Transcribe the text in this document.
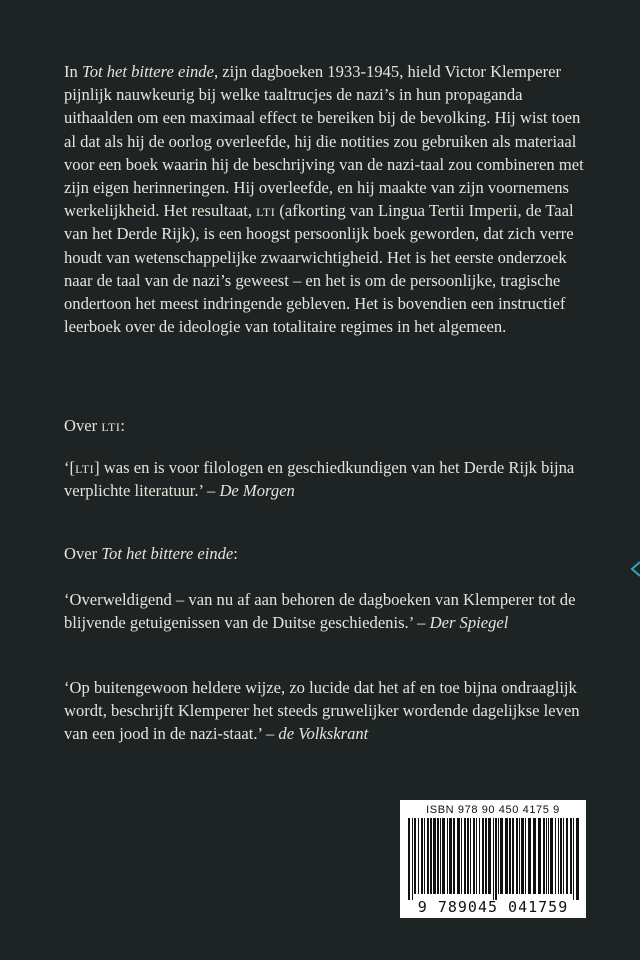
In Tot het bittere einde, zijn dagboeken 1933-1945, hield Victor Klemperer pijnlijk nauwkeurig bij welke taaltrucjes de nazi’s in hun propaganda uithaalden om een maximaal effect te bereiken bij de bevolking. Hij wist toen al dat als hij de oorlog overleefde, hij die notities zou gebruiken als materiaal voor een boek waarin hij de beschrijving van de nazi-taal zou combineren met zijn eigen herinneringen. Hij overleefde, en hij maakte van zijn voornemens werkelijkheid. Het resultaat, lti (afkorting van Lingua Tertii Imperii, de Taal van het Derde Rijk), is een hoogst persoonlijk boek geworden, dat zich verre houdt van wetenschappelijke zwaarwichtigheid. Het is het eerste onderzoek naar de taal van de nazi’s geweest – en het is om de persoonlijke, tragische ondertoon het meest indringende gebleven. Het is bovendien een instructief leerboek over de ideologie van totalitaire regimes in het algemeen.

Over lti:

‘[lti] was en is voor filologen en geschiedkundigen van het Derde Rijk bijna verplichte literatuur.’ – De Morgen

Over Tot het bittere einde:

‘Overweldigend – van nu af aan behoren de dagboeken van Klemperer tot de blijvende getuigenissen van de Duitse geschiedenis.’ – Der Spiegel

‘Op buitengewoon heldere wijze, zo lucide dat het af en toe bijna ondraaglijk wordt, beschrijft Klemperer het steeds gruwelijker wordende dagelijkse leven van een jood in de nazi-staat.’ – de Volkskrant

ISBN 978 90 450 4175 9
9 789045 041759
